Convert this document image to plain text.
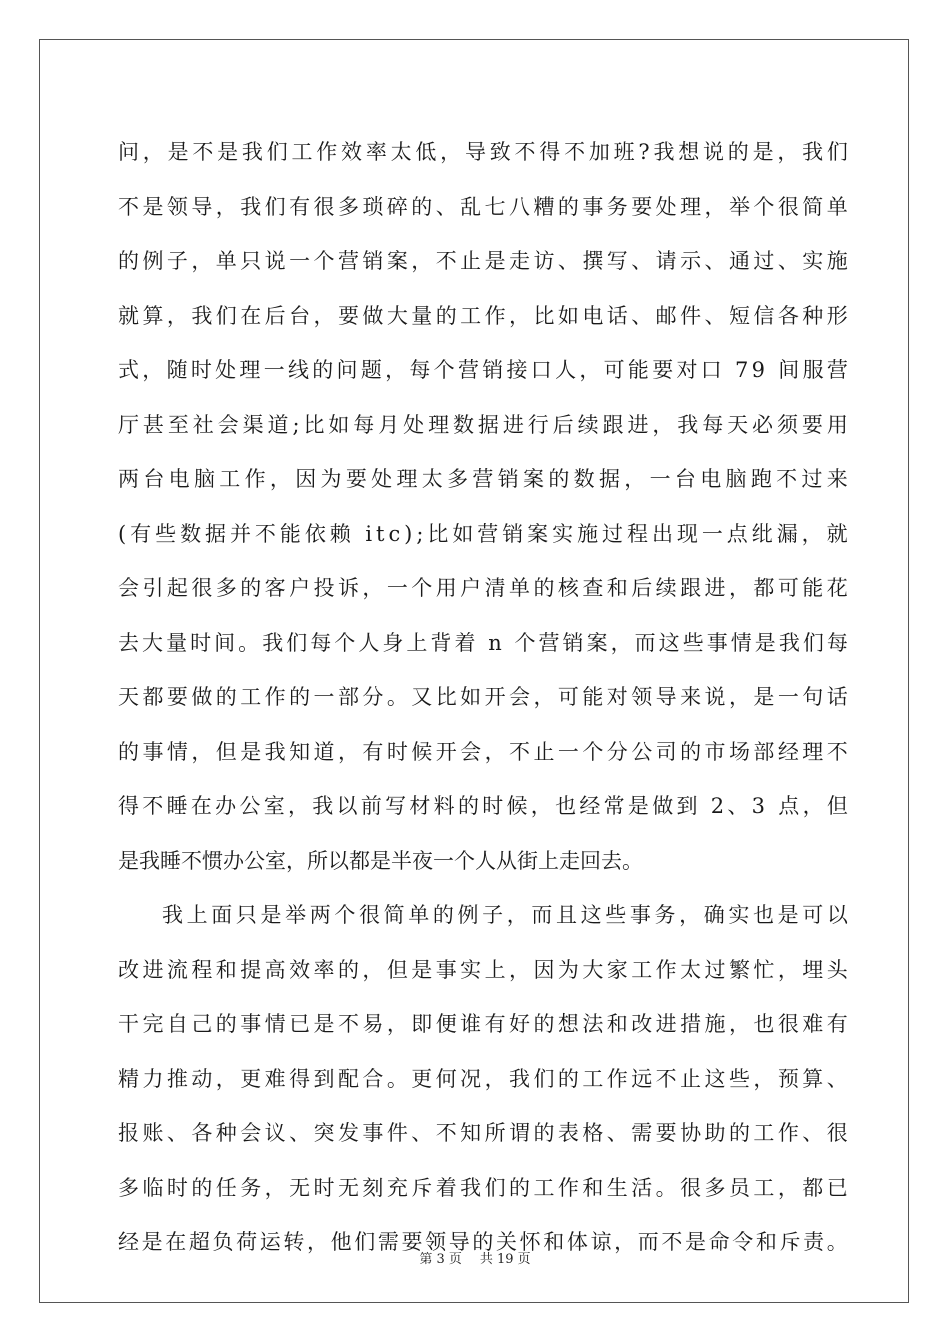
问 ， 是 不 是 我 们 工 作 效 率 太 低 ， 导 致 不 得 不 加 班 ? 我 想 说 的 是 ， 我 们
不 是 领 导 ， 我 们 有 很 多 琐 碎 的 、 乱 七 八 糟 的 事 务 要 处 理 ， 举 个 很 简 单
的 例 子 ， 单 只 说 一 个 营 销 案 ， 不 止 是 走 访 、 撰 写 、 请 示 、 通 过 、 实 施
就 算 ， 我 们 在 后 台 ， 要 做 大 量 的 工 作 ， 比 如 电 话 、 邮 件 、 短 信 各 种 形
式 ， 随 时 处 理 一 线 的 问 题 ， 每 个 营 销 接 口 人 ， 可 能 要 对 口
7 9
间 服 营
厅 甚 至 社 会 渠 道 ; 比 如 每 月 处 理 数 据 进 行 后 续 跟 进 ， 我 每 天 必 须 要 用
两 台 电 脑 工 作 ， 因 为 要 处 理 太 多 营 销 案 的 数 据 ， 一 台 电 脑 跑 不 过 来
( 有 些 数 据 并 不 能 依 赖
i t c ) ; 比 如 营 销 案 实 施 过 程 出 现 一 点 纰 漏 ， 就
会 引 起 很 多 的 客 户 投 诉 ， 一 个 用 户 清 单 的 核 查 和 后 续 跟 进 ， 都 可 能 花
去 大 量 时 间 。 我 们 每 个 人 身 上 背 着
n
个 营 销 案 ， 而 这 些 事 情 是 我 们 每
天 都 要 做 的 工 作 的 一 部 分 。 又 比 如 开 会 ， 可 能 对 领 导 来 说 ， 是 一 句 话
的 事 情 ， 但 是 我 知 道 ， 有 时 候 开 会 ， 不 止 一 个 分 公 司 的 市 场 部 经 理 不
得 不 睡 在 办 公 室 ， 我 以 前 写 材 料 的 时 候 ， 也 经 常 是 做 到
2 、 3
点 ， 但
是我睡不惯办公室，所以都是半夜一个人从街上走回去。
我 上 面 只 是 举 两 个 很 简 单 的 例 子 ， 而 且 这 些 事 务 ， 确 实 也 是 可 以
改 进 流 程 和 提 高 效 率 的 ， 但 是 事 实 上 ， 因 为 大 家 工 作 太 过 繁 忙 ， 埋 头
干 完 自 己 的 事 情 已 是 不 易 ， 即 便 谁 有 好 的 想 法 和 改 进 措 施 ， 也 很 难 有
精 力 推 动 ， 更 难 得 到 配 合 。 更 何 况 ， 我 们 的 工 作 远 不 止 这 些 ， 预 算 、
报 账 、 各 种 会 议 、 突 发 事 件 、 不 知 所 谓 的 表 格 、 需 要 协 助 的 工 作 、 很
多 临 时 的 任 务 ， 无 时 无 刻 充 斥 着 我 们 的 工 作 和 生 活 。 很 多 员 工 ， 都 已
经 是 在 超 负 荷 运 转 ， 他 们 需 要 领 导 的 关 怀 和 体 谅 ， 而 不 是 命 令 和 斥 责 。
第 3 页 共 19 页
